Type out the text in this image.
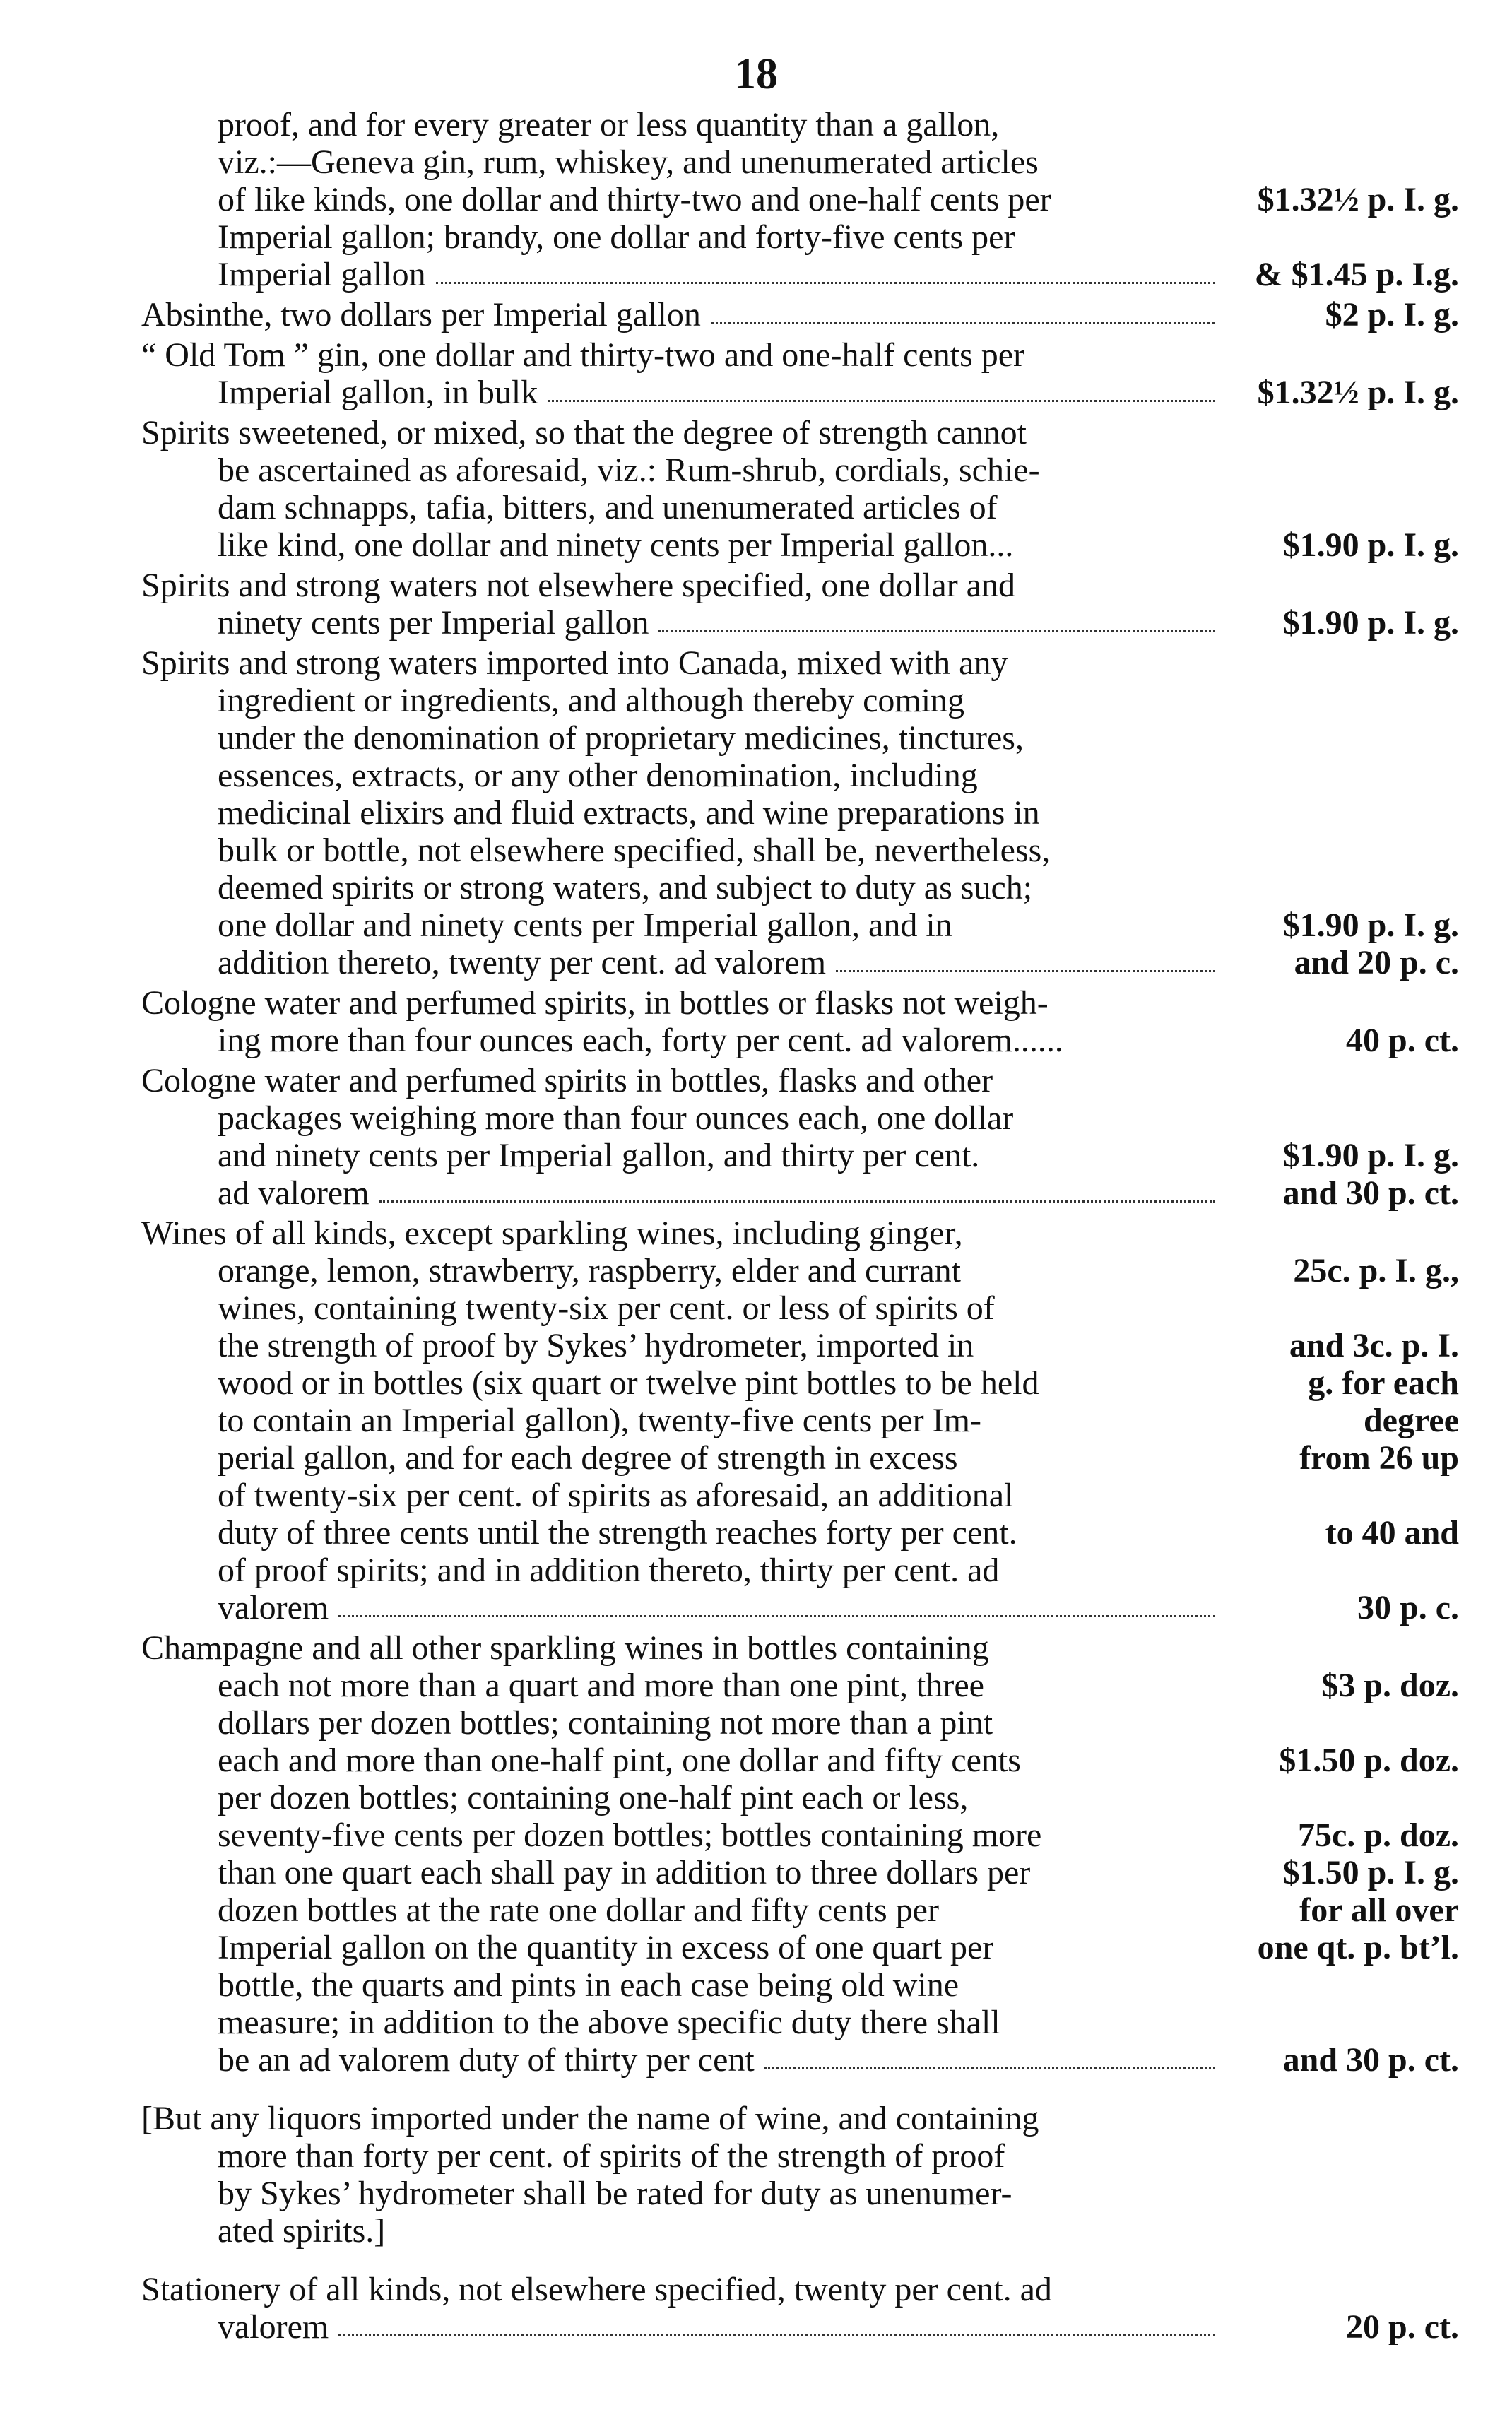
18
proof, and for every greater or less quantity than a gallon,
viz.:—Geneva gin, rum, whiskey, and unenumerated articles
of like kinds, one dollar and thirty-two and one-half cents per	$1.32½ p. I. g.
Imperial gallon; brandy, one dollar and forty-five cents per
Imperial gallon	& $1.45 p. I.g.
Absinthe, two dollars per Imperial gallon	$2 p. I. g.
“ Old Tom ” gin, one dollar and thirty-two and one-half cents per
Imperial gallon, in bulk	$1.32½ p. I. g.
Spirits sweetened, or mixed, so that the degree of strength cannot
be ascertained as aforesaid, viz.: Rum-shrub, cordials, schie-
dam schnapps, tafia, bitters, and unenumerated articles of
like kind, one dollar and ninety cents per Imperial gallon...	$1.90 p. I. g.
Spirits and strong waters not elsewhere specified, one dollar and
ninety cents per Imperial gallon	$1.90 p. I. g.
Spirits and strong waters imported into Canada, mixed with any
ingredient or ingredients, and although thereby coming
under the denomination of proprietary medicines, tinctures,
essences, extracts, or any other denomination, including
medicinal elixirs and fluid extracts, and wine preparations in
bulk or bottle, not elsewhere specified, shall be, nevertheless,
deemed spirits or strong waters, and subject to duty as such;
one dollar and ninety cents per Imperial gallon, and in	$1.90 p. I. g.
addition thereto, twenty per cent. ad valorem	and 20 p. c.
Cologne water and perfumed spirits, in bottles or flasks not weigh-
ing more than four ounces each, forty per cent. ad valorem......	40 p. ct.
Cologne water and perfumed spirits in bottles, flasks and other
packages weighing more than four ounces each, one dollar
and ninety cents per Imperial gallon, and thirty per cent.	$1.90 p. I. g.
ad valorem	and 30 p. ct.
Wines of all kinds, except sparkling wines, including ginger,
orange, lemon, strawberry, raspberry, elder and currant	25c. p. I. g.,
wines, containing twenty-six per cent. or less of spirits of
the strength of proof by Sykes’ hydrometer, imported in	and 3c. p. I.
wood or in bottles (six quart or twelve pint bottles to be held	g. for each
to contain an Imperial gallon), twenty-five cents per Im-	degree
perial gallon, and for each degree of strength in excess	from 26 up
of twenty-six per cent. of spirits as aforesaid, an additional
duty of three cents until the strength reaches forty per cent.	to 40 and
of proof spirits; and in addition thereto, thirty per cent. ad
valorem	30 p. c.
Champagne and all other sparkling wines in bottles containing
each not more than a quart and more than one pint, three	$3 p. doz.
dollars per dozen bottles; containing not more than a pint
each and more than one-half pint, one dollar and fifty cents	$1.50 p. doz.
per dozen bottles; containing one-half pint each or less,
seventy-five cents per dozen bottles; bottles containing more	75c. p. doz.
than one quart each shall pay in addition to three dollars per	$1.50 p. I. g.
dozen bottles at the rate one dollar and fifty cents per	for all over
Imperial gallon on the quantity in excess of one quart per	one qt. p. bt’l.
bottle, the quarts and pints in each case being old wine
measure; in addition to the above specific duty there shall
be an ad valorem duty of thirty per cent	and 30 p. ct.
[But any liquors imported under the name of wine, and containing
more than forty per cent. of spirits of the strength of proof
by Sykes’ hydrometer shall be rated for duty as unenumer-
ated spirits.]
Stationery of all kinds, not elsewhere specified, twenty per cent. ad
valorem	20 p. ct.
